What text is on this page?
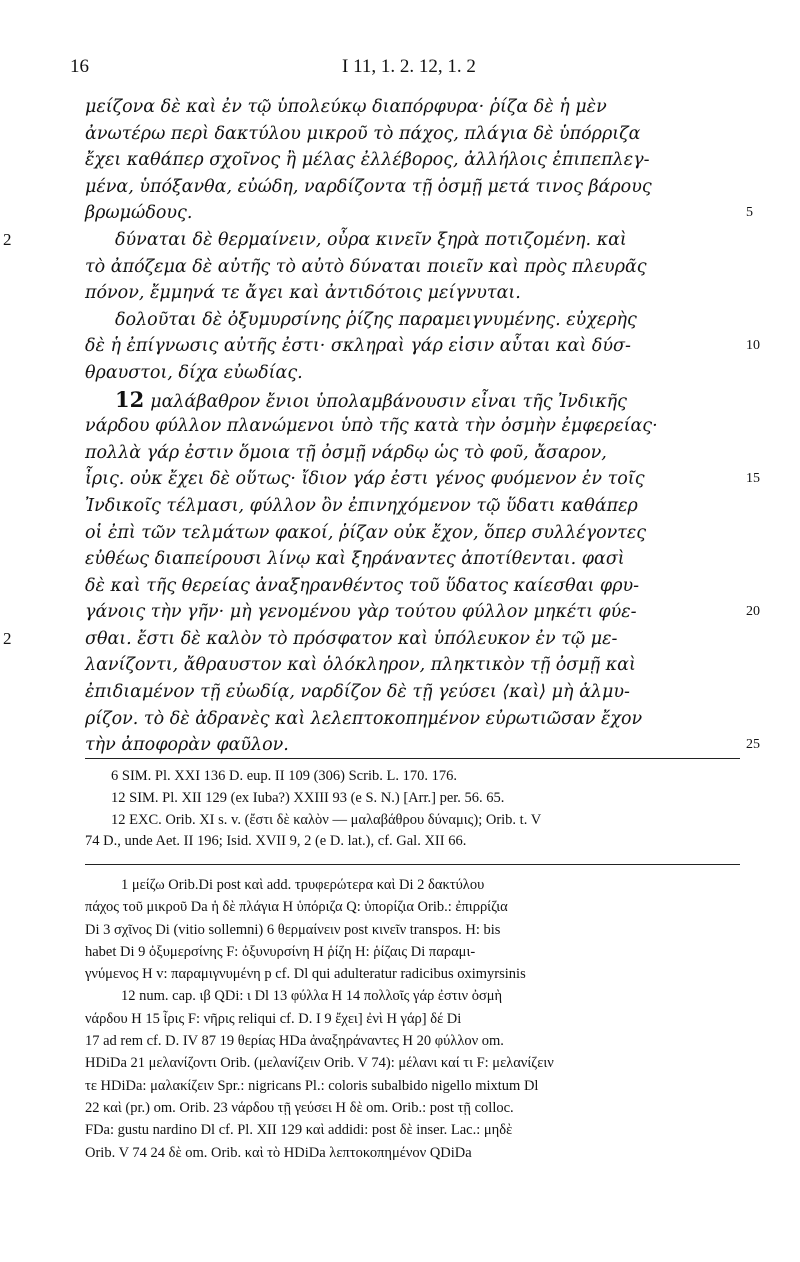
16	I 11, 1. 2. 12, 1. 2
μείζονα δὲ καὶ ἐν τῷ ὑπολεύκῳ διαπόρφυρα· ῥίζα δὲ ἡ μὲν
ἀνωτέρω περὶ δακτύλου μικροῦ τὸ πάχος, πλάγια δὲ ὑπόρριζα
ἔχει καθάπερ σχοῖνος ἢ μέλας ἐλλέβορος, ἀλλήλοις ἐπιπεπλεγ-
μένα, ὑπόξανθα, εὐώδη, ναρδίζοντα τῇ ὀσμῇ μετά τινος βάρους
βρωμώδους.	5
δύναται δὲ θερμαίνειν, οὖρα κινεῖν ξηρὰ ποτιζομένη. καὶ
2
τὸ ἀπόζεμα δὲ αὐτῆς τὸ αὐτὸ δύναται ποιεῖν καὶ πρὸς πλευρᾶς
πόνον, ἔμμηνά τε ἄγει καὶ ἀντιδότοις μείγνυται.
δολοῦται δὲ ὀξυμυρσίνης ῥίζης παραμειγνυμένης. εὐχερὴς
δὲ ἡ ἐπίγνωσις αὐτῆς ἐστι· σκληραὶ γάρ εἰσιν αὗται καὶ δύσ-	10
θραυστοι, δίχα εὐωδίας.
12 μαλάβαθρον ἔνιοι ὑπολαμβάνουσιν εἶναι τῆς Ἰνδικῆς
νάρδου φύλλον πλανώμενοι ὑπὸ τῆς κατὰ τὴν ὀσμὴν ἐμφερείας·
πολλὰ γάρ ἐστιν ὅμοια τῇ ὀσμῇ νάρδῳ ὡς τὸ φοῦ, ἄσαρον,
ἶρις. οὐκ ἔχει δὲ οὕτως· ἴδιον γάρ ἐστι γένος φυόμενον ἐν τοῖς	15
Ἰνδικοῖς τέλμασι, φύλλον ὂν ἐπινηχόμενον τῷ ὕδατι καθάπερ
οἱ ἐπὶ τῶν τελμάτων φακοί, ῥίζαν οὐκ ἔχον, ὅπερ συλλέγοντες
εὐθέως διαπείρουσι λίνῳ καὶ ξηράναντες ἀποτίθενται. φασὶ
δὲ καὶ τῆς θερείας ἀναξηρανθέντος τοῦ ὕδατος καίεσθαι φρυ-
γάνοις τὴν γῆν· μὴ γενομένου γὰρ τούτου φύλλον μηκέτι φύε-	20
σθαι. ἔστι δὲ καλὸν τὸ πρόσφατον καὶ ὑπόλευκον ἐν τῷ με-
2
λανίζοντι, ἄθραυστον καὶ ὁλόκληρον, πληκτικὸν τῇ ὀσμῇ καὶ
ἐπιδιαμένον τῇ εὐωδίᾳ, ναρδίζον δὲ τῇ γεύσει ⟨καὶ⟩ μὴ ἁλμυ-
ρίζον. τὸ δὲ ἀδρανὲς καὶ λελεπτοκοπημένον εὐρωτιῶσαν ἔχον
τὴν ἀποφορὰν φαῦλον.	25
6 SIM. Pl. XXI 136 D. eup. II 109 (306) Scrib. L. 170. 176.
12 SIM. Pl. XII 129 (ex Iuba?) XXIII 93 (e S. N.) [Arr.] per. 56. 65.
12 EXC. Orib. XI s. v. (ἔστι δὲ καλὸν — μαλαβάθρου δύναμις); Orib. t. V
74 D., unde Aet. II 196; Isid. XVII 9, 2 (e D. lat.), cf. Gal. XII 66.
1 μείζω Orib.Di post καὶ add. τρυφερώτερα καὶ Di 2 δακτύλου
πάχος τοῦ μικροῦ Da ἡ δὲ πλάγια H ὑπόριζα Q: ὑπορίζια Orib.: ἐπιρρίζια
Di 3 σχῖνος Di (vitio sollemni) 6 θερμαίνειν post κινεῖν transpos. H: bis
habet Di 9 ὀξυμερσίνης F: ὀξυνυρσίνη H ῥίζη H: ῥίζαις Di παραμι-
γνύμενος H v: παραμιγνυμένη p cf. Dl qui adulteratur radicibus oximyrsinis
12 num. cap. ιβ QDi: ι Dl 13 φύλλα H 14 πολλοῖς γάρ ἐστιν ὀσμὴ
νάρδου H 15 ἶρις F: νῆρις reliqui cf. D. I 9 ἔχει] ἐνὶ H γάρ] δέ Di
17 ad rem cf. D. IV 87 19 θερίας HDa ἀναξηράναντες H 20 φύλλον om.
HDiDa 21 μελανίζοντι Orib. (μελανίζειν Orib. V 74): μέλανι καί τι F: μελανίζειν
τε HDiDa: μαλακίζειν Spr.: nigricans Pl.: coloris subalbido nigello mixtum Dl
22 καὶ (pr.) om. Orib. 23 νάρδου τῇ γεύσει H δὲ om. Orib.: post τῇ colloc.
FDa: gustu nardino Dl cf. Pl. XII 129 καὶ addidi: post δὲ inser. Lac.: μηδὲ
Orib. V 74 24 δὲ om. Orib. καὶ τὸ HDiDa λεπτοκοπημένον QDiDa
